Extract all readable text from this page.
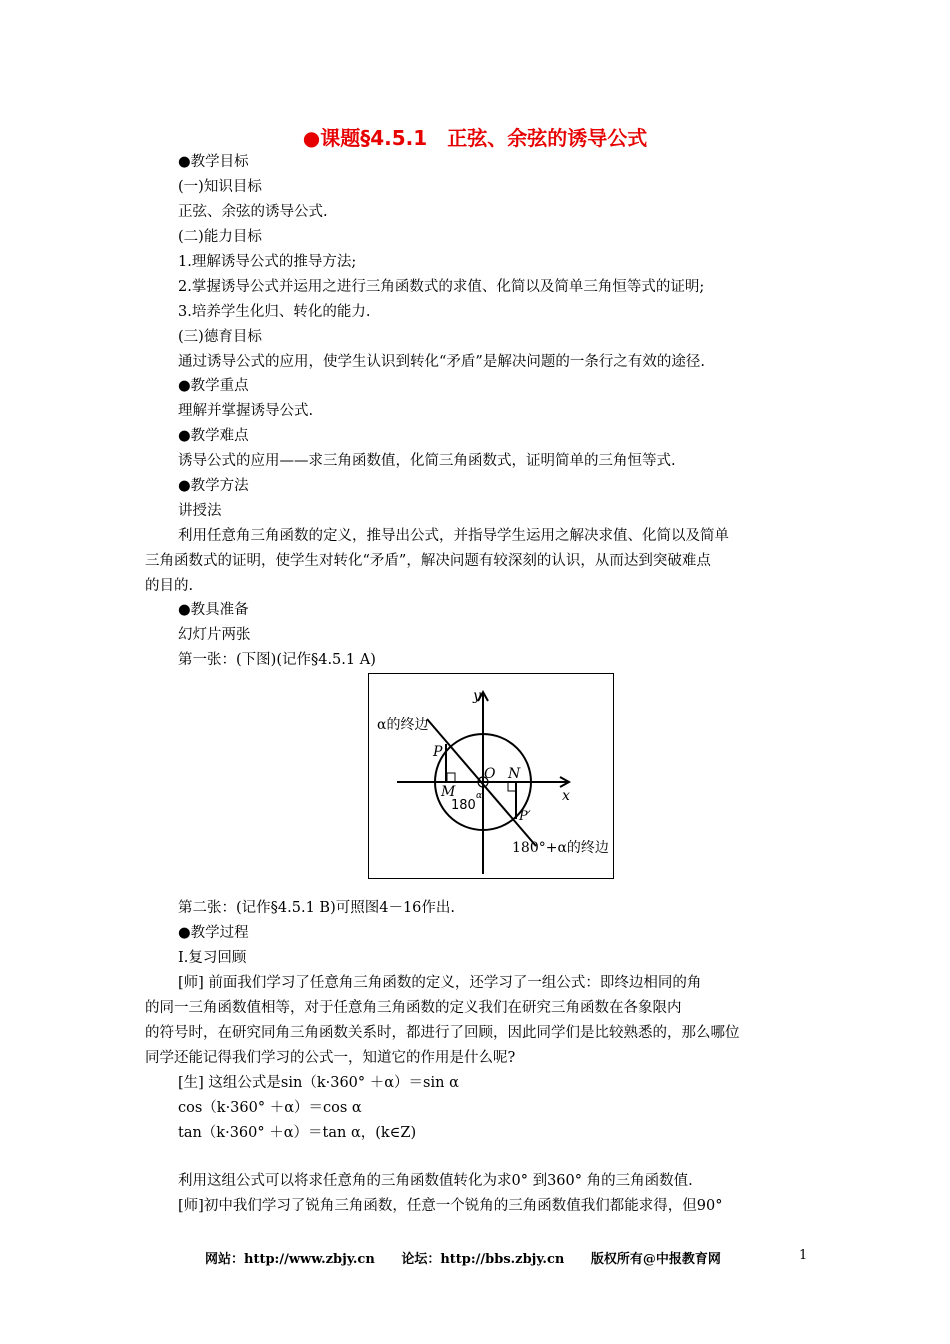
●课题§4.5.1　正弦、余弦的诱导公式
●教学目标
(一)知识目标
正弦、余弦的诱导公式.
(二)能力目标
1.理解诱导公式的推导方法;
2.掌握诱导公式并运用之进行三角函数式的求值、化简以及简单三角恒等式的证明;
3.培养学生化归、转化的能力.
(三)德育目标
通过诱导公式的应用，使学生认识到转化“矛盾”是解决问题的一条行之有效的途径.
●教学重点
理解并掌握诱导公式.
●教学难点
诱导公式的应用——求三角函数值，化简三角函数式，证明简单的三角恒等式.
●教学方法
讲授法
利用任意角三角函数的定义，推导出公式，并指导学生运用之解决求值、化简以及简单
三角函数式的证明，使学生对转化“矛盾”，解决问题有较深刻的认识，从而达到突破难点
的目的.
●教具准备
幻灯片两张
第一张：(下图)(记作§4.5.1 A)
α的终边
180°+α的终边
y
x
P
P′
O N
M
180
α
第二张：(记作§4.5.1 B)可照图4－16作出.
●教学过程
Ⅰ.复习回顾
[师] 前面我们学习了任意角三角函数的定义，还学习了一组公式：即终边相同的角
的同一三角函数值相等，对于任意角三角函数的定义我们在研究三角函数在各象限内
的符号时，在研究同角三角函数关系时，都进行了回顾，因此同学们是比较熟悉的，那么哪位
同学还能记得我们学习的公式一，知道它的作用是什么呢?
[生] 这组公式是sin（k·360° ＋α）＝sin α
cos（k·360° ＋α）＝cos α
tan（k·360° ＋α）＝tan α，(k∈Z)
利用这组公式可以将求任意角的三角函数值转化为求0° 到360° 角的三角函数值.
[师]初中我们学习了锐角三角函数，任意一个锐角的三角函数值我们都能求得，但90°
网站：http://www.zbjy.cn 论坛：http://bbs.zbjy.cn 版权所有@中报教育网	1
